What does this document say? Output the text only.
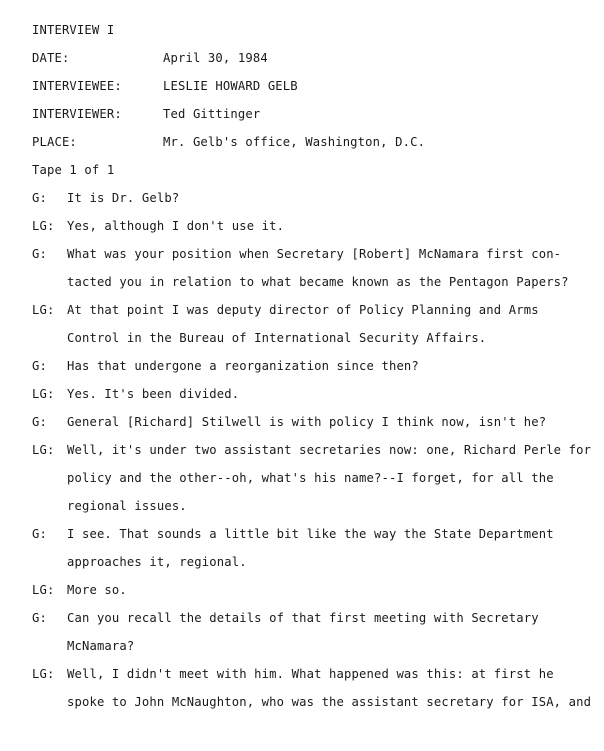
INTERVIEW I
DATE:	April 30, 1984
INTERVIEWEE:	LESLIE HOWARD GELB
INTERVIEWER:	Ted Gittinger
PLACE:	Mr. Gelb's office, Washington, D.C.
Tape 1 of 1
G: It is Dr. Gelb?
LG: Yes, although I don't use it.
G: What was your position when Secretary [Robert] McNamara first con-
tacted you in relation to what became known as the Pentagon Papers?
LG: At that point I was deputy director of Policy Planning and Arms
Control in the Bureau of International Security Affairs.
G: Has that undergone a reorganization since then?
LG: Yes. It's been divided.
G: General [Richard] Stilwell is with policy I think now, isn't he?
LG: Well, it's under two assistant secretaries now: one, Richard Perle for
policy and the other--oh, what's his name?--I forget, for all the
regional issues.
G: I see. That sounds a little bit like the way the State Department
approaches it, regional.
LG: More so.
G: Can you recall the details of that first meeting with Secretary
McNamara?
LG: Well, I didn't meet with him. What happened was this: at first he
spoke to John McNaughton, who was the assistant secretary for ISA, and
